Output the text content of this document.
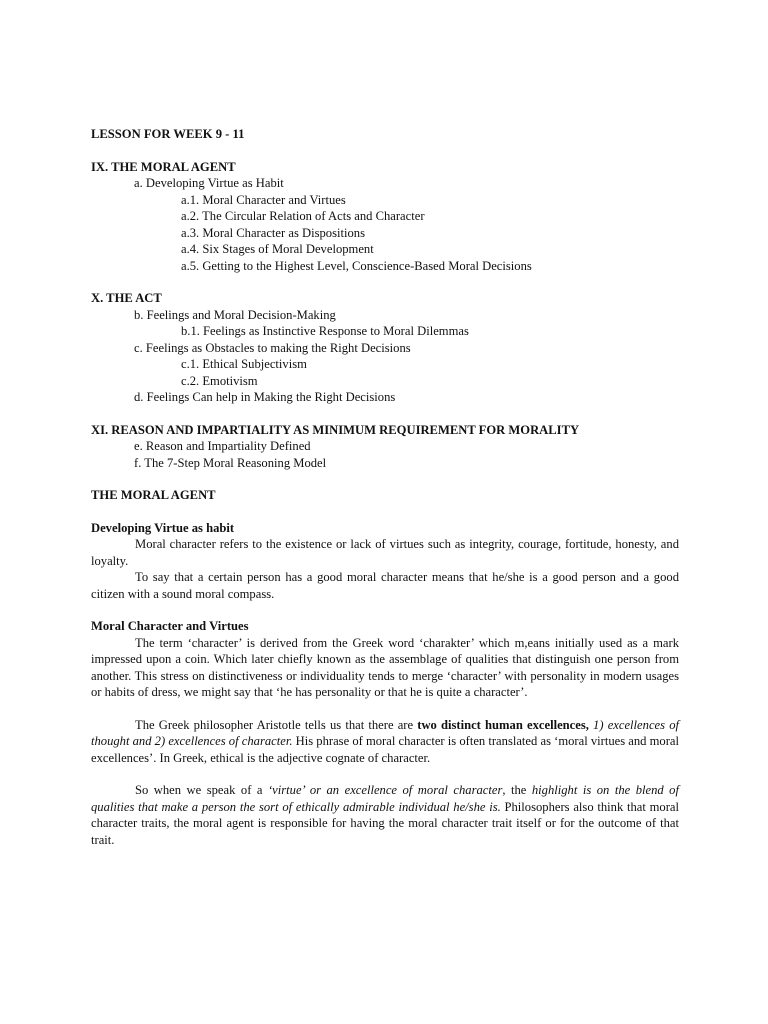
LESSON FOR WEEK 9 - 11
IX. THE MORAL AGENT
a. Developing Virtue as Habit
a.1. Moral Character and Virtues
a.2. The Circular Relation of Acts and Character
a.3. Moral Character as Dispositions
a.4. Six Stages of Moral Development
a.5. Getting to the Highest Level, Conscience-Based Moral Decisions
X. THE ACT
b. Feelings and Moral Decision-Making
b.1. Feelings as Instinctive Response to Moral Dilemmas
c. Feelings as Obstacles to making the Right Decisions
c.1. Ethical Subjectivism
c.2. Emotivism
d. Feelings Can help in Making the Right Decisions
XI. REASON AND IMPARTIALITY AS MINIMUM REQUIREMENT FOR MORALITY
e. Reason and Impartiality Defined
f. The 7-Step Moral Reasoning Model
THE MORAL AGENT
Developing Virtue as habit

Moral character refers to the existence or lack of virtues such as integrity, courage, fortitude, honesty, and loyalty.

To say that a certain person has a good moral character means that he/she is a good person and a good citizen with a sound moral compass.

Moral Character and Virtues

The term ‘character’ is derived from the Greek word ‘charakter’ which m,eans initially used as a mark impressed upon a coin. Which later chiefly known as the assemblage of qualities that distinguish one person from another. This stress on distinctiveness or individuality tends to merge ‘character’ with personality in modern usages or habits of dress, we might say that ‘he has personality or that he is quite a character’.

The Greek philosopher Aristotle tells us that there are two distinct human excellences, 1) excellences of thought and 2) excellences of character. His phrase of moral character is often translated as ‘moral virtues and moral excellences’. In Greek, ethical is the adjective cognate of character.

So when we speak of a ‘virtue’ or an excellence of moral character, the highlight is on the blend of qualities that make a person the sort of ethically admirable individual he/she is. Philosophers also think that moral character traits, the moral agent is responsible for having the moral character trait itself or for the outcome of that trait.
